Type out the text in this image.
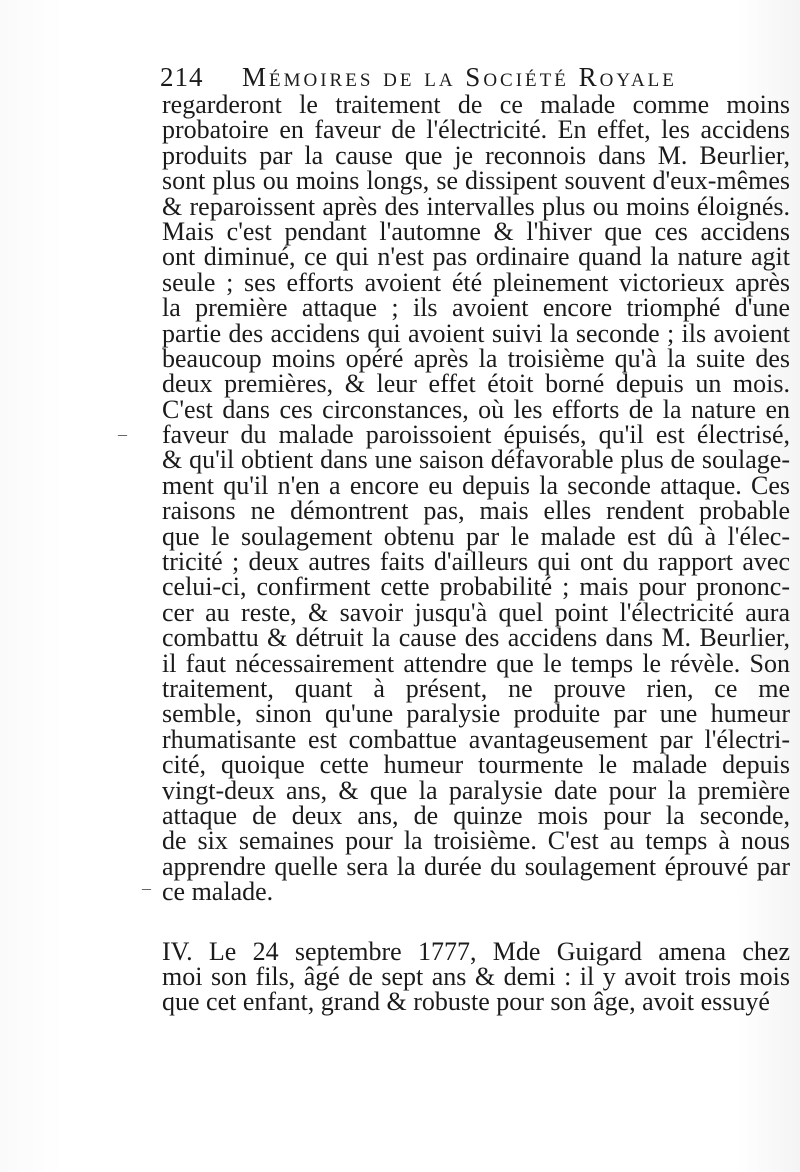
214 Mémoires de la Société Royale
regarderont le traitement de ce malade comme moins
probatoire en faveur de l'électricité. En effet, les accidens
produits par la cause que je reconnois dans M. Beurlier,
sont plus ou moins longs, se dissipent souvent d'eux-mêmes
& reparoissent après des intervalles plus ou moins éloignés.
Mais c'est pendant l'automne & l'hiver que ces accidens
ont diminué, ce qui n'est pas ordinaire quand la nature agit
seule ; ses efforts avoient été pleinement victorieux après
la première attaque ; ils avoient encore triomphé d'une
partie des accidens qui avoient suivi la seconde ; ils avoient
beaucoup moins opéré après la troisième qu'à la suite des
deux premières, & leur effet étoit borné depuis un mois.
C'est dans ces circonstances, où les efforts de la nature en
faveur du malade paroissoient épuisés, qu'il est électrisé,
& qu'il obtient dans une saison défavorable plus de soulage-
ment qu'il n'en a encore eu depuis la seconde attaque. Ces
raisons ne démontrent pas, mais elles rendent probable
que le soulagement obtenu par le malade est dû à l'élec-
tricité ; deux autres faits d'ailleurs qui ont du rapport avec
celui-ci, confirment cette probabilité ; mais pour prononc-
cer au reste, & savoir jusqu'à quel point l'électricité aura
combattu & détruit la cause des accidens dans M. Beurlier,
il faut nécessairement attendre que le temps le révèle. Son
traitement, quant à présent, ne prouve rien, ce me
semble, sinon qu'une paralysie produite par une humeur
rhumatisante est combattue avantageusement par l'électri-
cité, quoique cette humeur tourmente le malade depuis
vingt-deux ans, & que la paralysie date pour la première
attaque de deux ans, de quinze mois pour la seconde,
de six semaines pour la troisième. C'est au temps à nous
apprendre quelle sera la durée du soulagement éprouvé par
ce malade.
IV. Le 24 septembre 1777, Mde Guigard amena chez
moi son fils, âgé de sept ans & demi : il y avoit trois mois
que cet enfant, grand & robuste pour son âge, avoit essuyé
–
–
